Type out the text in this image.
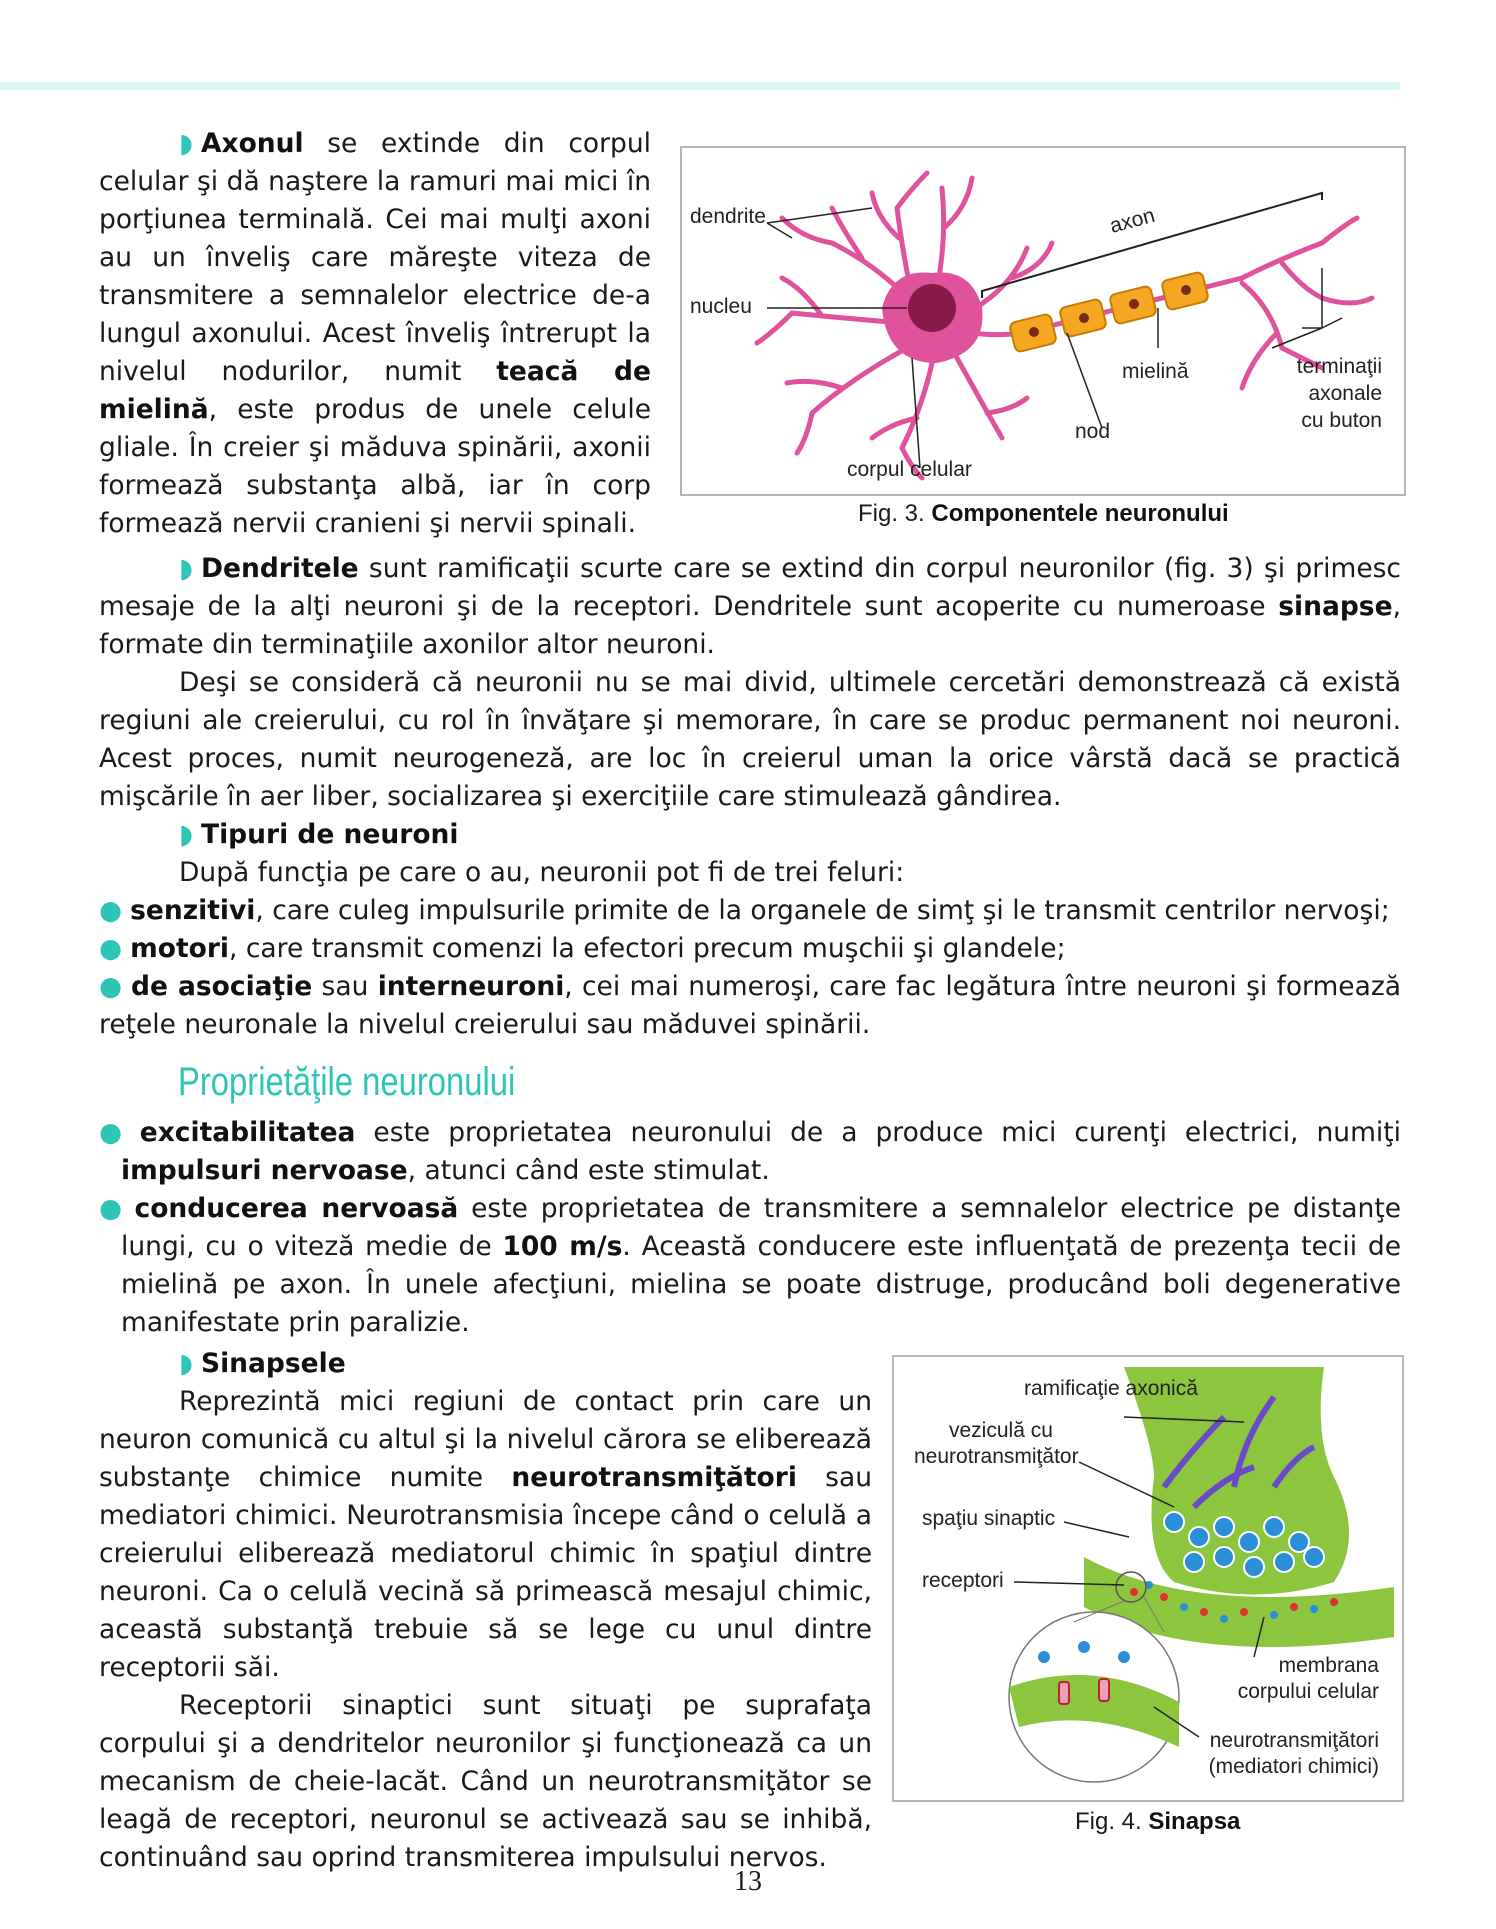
◗ Axonul se extinde din corpul celular şi dă naştere la ramuri mai mici în porţiunea terminală. Cei mai mulţi axoni au un înveliş care măreşte viteza de transmitere a semnalelor electrice de-a lungul axonului. Acest înveliş întrerupt la nivelul nodurilor, numit teacă de mielină, este produs de unele celule gliale. În creier şi măduva spinării, axonii formează substanţa albă, iar în corp formează nervii cranieni şi nervii spinali.

dendrite
nucleu
axon
mielină
nod
corpul celular
terminaţii
axonale
cu buton
Fig. 3. Componentele neuronului

◗ Dendritele sunt ramificaţii scurte care se extind din corpul neuronilor (fig. 3) şi primesc mesaje de la alţi neuroni şi de la receptori. Dendritele sunt acoperite cu numeroase sinapse, formate din terminaţiile axonilor altor neuroni.

Deşi se consideră că neuronii nu se mai divid, ultimele cercetări demonstrează că există regiuni ale creierului, cu rol în învăţare şi memorare, în care se produc permanent noi neuroni. Acest proces, numit neurogeneză, are loc în creierul uman la orice vârstă dacă se practică mişcările în aer liber, socializarea şi exerciţiile care stimulează gândirea.

◗ Tipuri de neuroni

După funcţia pe care o au, neuronii pot fi de trei feluri:

● senzitivi, care culeg impulsurile primite de la organele de simţ şi le transmit centrilor nervoşi;

● motori, care transmit comenzi la efectori precum muşchii şi glandele;

● de asociaţie sau interneuroni, cei mai numeroşi, care fac legătura între neuroni şi formează reţele neuronale la nivelul creierului sau măduvei spinării.

Proprietăţile neuronului

● excitabilitatea este proprietatea neuronului de a produce mici curenţi electrici, numiţi impulsuri nervoase, atunci când este stimulat.

● conducerea nervoasă este proprietatea de transmitere a semnalelor electrice pe distanţe lungi, cu o viteză medie de 100 m/s. Această conducere este influenţată de prezenţa tecii de mielină pe axon. În unele afecţiuni, mielina se poate distruge, producând boli degenerative manifestate prin paralizie.

◗ Sinapsele

Reprezintă mici regiuni de contact prin care un neuron comunică cu altul şi la nivelul cărora se eliberează substanţe chimice numite neurotransmiţători sau mediatori chimici. Neurotransmisia începe când o celulă a creierului eliberează mediatorul chimic în spaţiul dintre neuroni. Ca o celulă vecină să primească mesajul chimic, această substanţă trebuie să se lege cu unul dintre receptorii săi.

Receptorii sinaptici sunt situaţi pe suprafaţa corpului şi a dendritelor neuronilor şi funcţionează ca un mecanism de cheie-lacăt. Când un neurotransmiţător se leagă de receptori, neuronul se activează sau se inhibă, continuând sau oprind transmiterea impulsului nervos.

ramificaţie axonică
veziculă cu
neurotransmiţător
spaţiu sinaptic
receptori
membrana
corpului celular
neurotransmiţători
(mediatori chimici)
Fig. 4. Sinapsa
13
